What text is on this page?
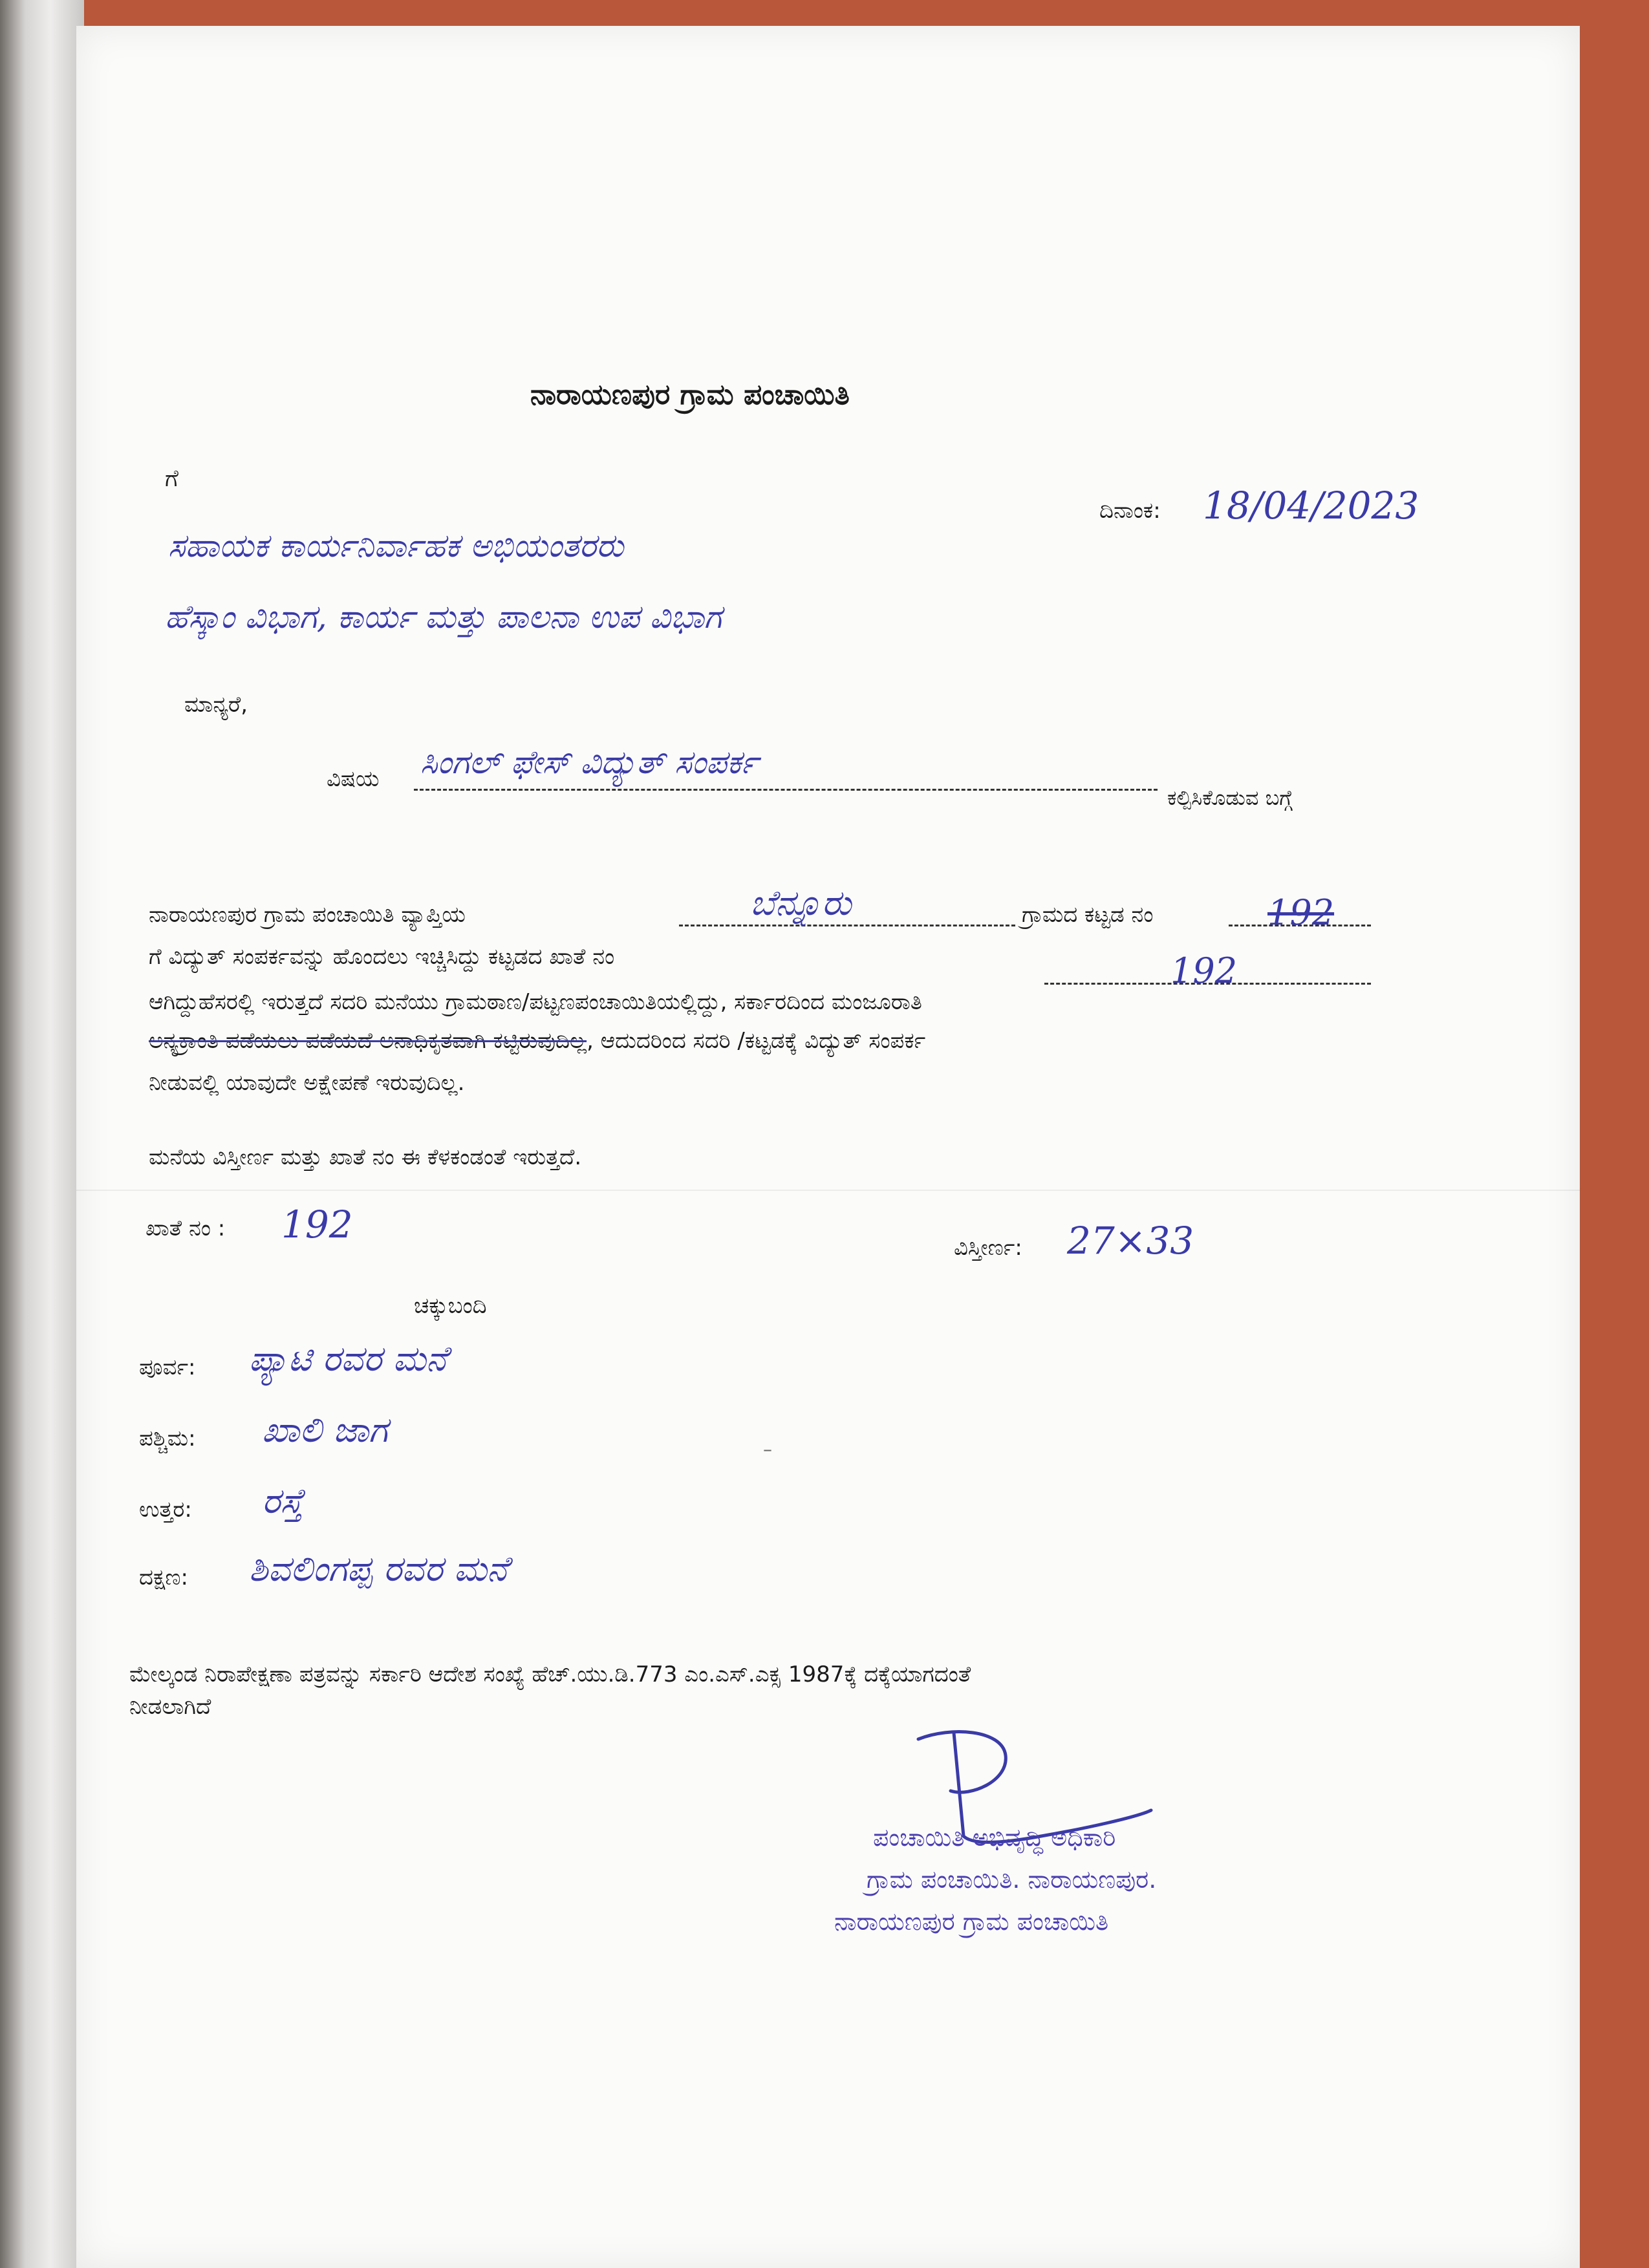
ನಾರಾಯಣಪುರ ಗ್ರಾಮ ಪಂಚಾಯಿತಿ
ಗೆ
ದಿನಾಂಕ: 18/04/2023
ಸಹಾಯಕ ಕಾರ್ಯನಿರ್ವಾಹಕ ಅಭಿಯಂತರರು
ಹೆಸ್ಕಾಂ ವಿಭಾಗ, ಕಾರ್ಯ ಮತ್ತು ಪಾಲನಾ ಉಪ ವಿಭಾಗ
ಮಾನ್ಯರೆ,
ವಿಷಯ ಸಿಂಗಲ್ ಫೇಸ್ ವಿದ್ಯುತ್ ಸಂಪರ್ಕ
ಕಲ್ಪಿಸಿಕೊಡುವ ಬಗ್ಗೆ
ನಾರಾಯಣಪುರ ಗ್ರಾಮ ಪಂಚಾಯಿತಿ ವ್ಯಾಪ್ತಿಯ	ಬೆನ್ನೂರು	ಗ್ರಾಮದ ಕಟ್ಟಡ ನಂ	192
ಗೆ ವಿದ್ಯುತ್ ಸಂಪರ್ಕವನ್ನು ಹೊಂದಲು ಇಚ್ಚಿಸಿದ್ದು ಕಟ್ಟಡದ ಖಾತೆ ನಂ	192
ಆಗಿದ್ದುಹೆಸರಲ್ಲಿ ಇರುತ್ತದೆ ಸದರಿ ಮನೆಯು ಗ್ರಾಮಠಾಣ/ಪಟ್ಟಣಪಂಚಾಯಿತಿಯಲ್ಲಿದ್ದು, ಸರ್ಕಾರದಿಂದ ಮಂಜೂರಾತಿ
ಅನ್ಯಕ್ರಾಂತಿ ಪಡೆಯಲು ಪಡೆಯದೆ ಅನಾಧಿಕೃತವಾಗಿ ಕಟ್ಟಿರುವುದಿಲ್ಲ, ಆದುದರಿಂದ ಸದರಿ /ಕಟ್ಟಡಕ್ಕೆ ವಿದ್ಯುತ್ ಸಂಪರ್ಕ
ನೀಡುವಲ್ಲಿ ಯಾವುದೇ ಅಕ್ಷೇಪಣೆ ಇರುವುದಿಲ್ಲ.
ಮನೆಯ ವಿಸ್ತೀರ್ಣ ಮತ್ತು ಖಾತೆ ನಂ ಈ ಕೆಳಕಂಡಂತೆ ಇರುತ್ತದೆ.
ಖಾತೆ ನಂ : 192
ವಿಸ್ತೀರ್ಣ: 27×33
ಚಕ್ಕುಬಂದಿ
ಪೂರ್ವ: ಪ್ಯಾಟಿ ರವರ ಮನೆ
ಪಶ್ಚಿಮ: ಖಾಲಿ ಜಾಗ	–
ಉತ್ತರ: ರಸ್ತೆ
ದಕ್ಷಣ: ಶಿವಲಿಂಗಪ್ಪ ರವರ ಮನೆ
ಮೇಲ್ಕಂಡ ನಿರಾಪೇಕ್ಷಣಾ ಪತ್ರವನ್ನು ಸರ್ಕಾರಿ ಆದೇಶ ಸಂಖ್ಯೆ ಹೆಚ್.ಯು.ಡಿ.773 ಎಂ.ಎಸ್.ಎಕ್ಸ 1987ಕ್ಕೆ ದಕ್ಕೆಯಾಗದಂತೆ
ನೀಡಲಾಗಿದೆ
ಪಂಚಾಯಿತಿ ಅಭಿವೃದ್ಧಿ ಅಧಿಕಾರಿ
ಗ್ರಾಮ ಪಂಚಾಯಿತಿ. ನಾರಾಯಣಪುರ.
ನಾರಾಯಣಪುರ ಗ್ರಾಮ ಪಂಚಾಯಿತಿ
